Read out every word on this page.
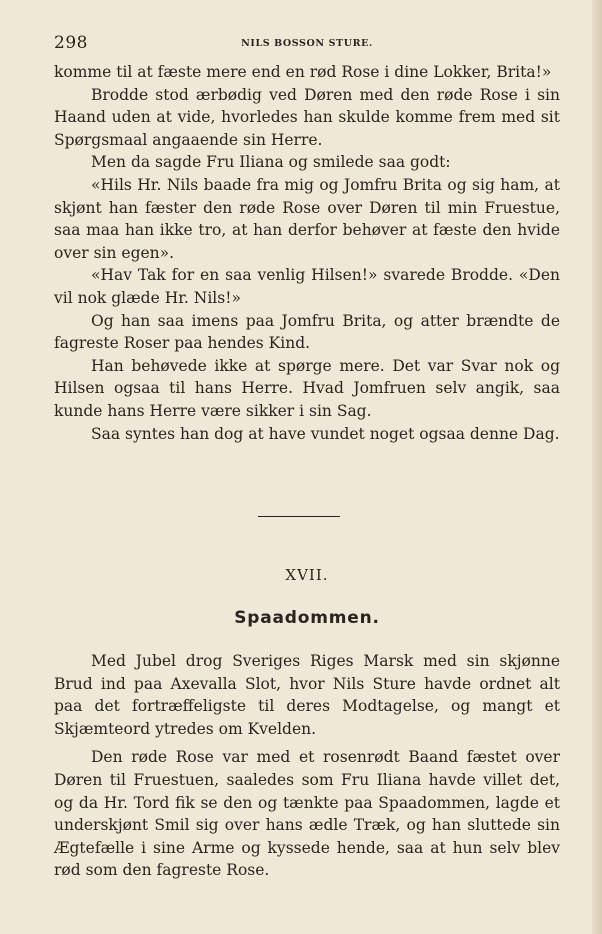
298	NILS BOSSON STURE.

komme til at fæste mere end en rød Rose i dine Lokker, Brita!»

Brodde stod ærbødig ved Døren med den røde Rose i sin Haand uden at vide, hvorledes han skulde komme frem med sit Spørgsmaal angaaende sin Herre.

Men da sagde Fru Iliana og smilede saa godt:

«Hils Hr. Nils baade fra mig og Jomfru Brita og sig ham, at skjønt han fæster den røde Rose over Døren til min Fruestue, saa maa han ikke tro, at han derfor behøver at fæste den hvide over sin egen».

«Hav Tak for en saa venlig Hilsen!» svarede Brodde. «Den vil nok glæde Hr. Nils!»

Og han saa imens paa Jomfru Brita, og atter brændte de fagreste Roser paa hendes Kind.

Han behøvede ikke at spørge mere. Det var Svar nok og Hilsen ogsaa til hans Herre. Hvad Jomfruen selv angik, saa kunde hans Herre være sikker i sin Sag.

Saa syntes han dog at have vundet noget ogsaa denne Dag.

XVII.
Spaadommen.

Med Jubel drog Sveriges Riges Marsk med sin skjønne Brud ind paa Axevalla Slot, hvor Nils Sture havde ordnet alt paa det fortræffeligste til deres Modtagelse, og mangt et Skjæmteord ytredes om Kvelden.

Den røde Rose var med et rosenrødt Baand fæstet over Døren til Fruestuen, saaledes som Fru Iliana havde villet det, og da Hr. Tord fik se den og tænkte paa Spaadommen, lagde et underskjønt Smil sig over hans ædle Træk, og han sluttede sin Ægtefælle i sine Arme og kyssede hende, saa at hun selv blev rød som den fagreste Rose.
